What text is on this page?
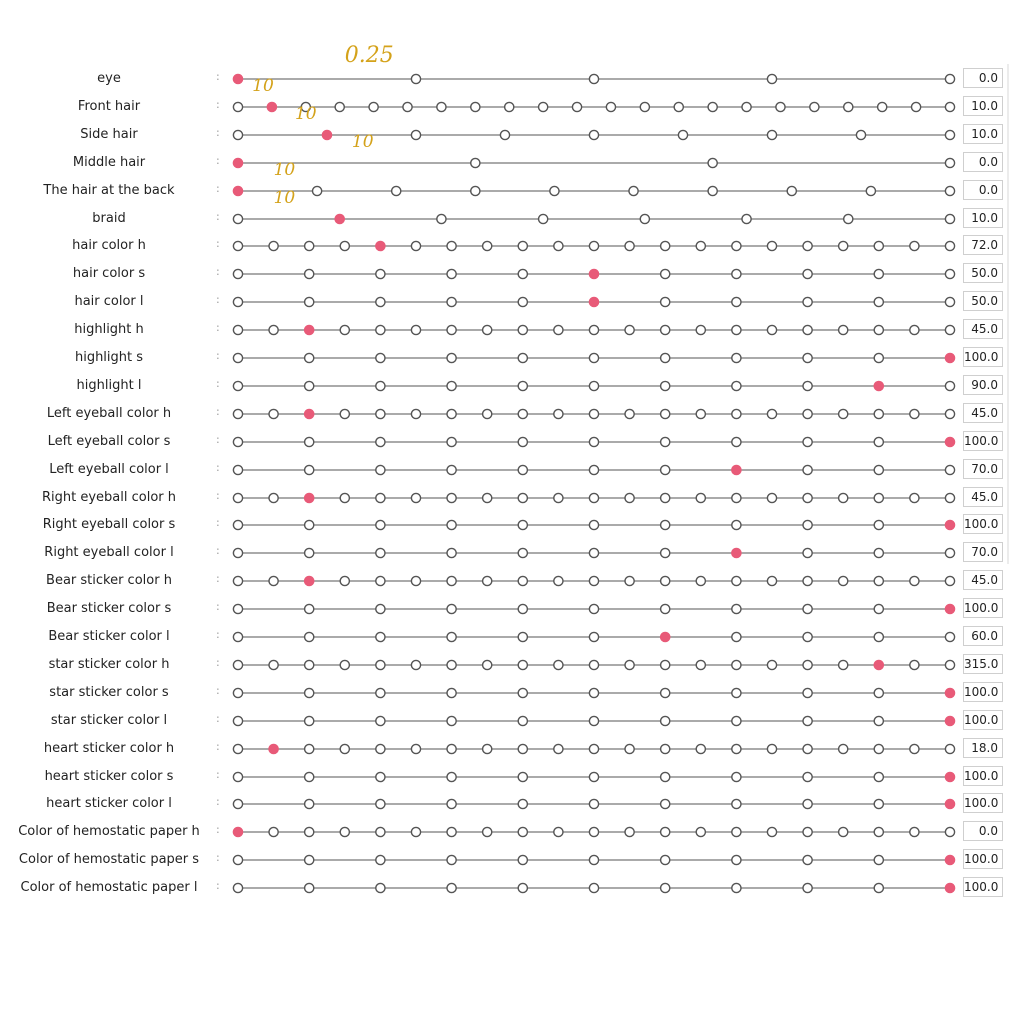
eye	:	0.0
Front hair	:	10.0
Side hair	:	10.0
Middle hair	:	0.0
The hair at the back	:	0.0
braid	:	10.0
hair color h	:	72.0
hair color s	:	50.0
hair color l	:	50.0
highlight h	:	45.0
highlight s	:	100.0
highlight l	:	90.0
Left eyeball color h	:	45.0
Left eyeball color s	:	100.0
Left eyeball color l	:	70.0
Right eyeball color h	:	45.0
Right eyeball color s	:	100.0
Right eyeball color l	:	70.0
Bear sticker color h	:	45.0
Bear sticker color s	:	100.0
Bear sticker color l	:	60.0
star sticker color h	:	315.0
star sticker color s	:	100.0
star sticker color l	:	100.0
heart sticker color h	:	18.0
heart sticker color s	:	100.0
heart sticker color l	:	100.0
Color of hemostatic paper h	:	0.0
Color of hemostatic paper s	:	100.0
Color of hemostatic paper l	:	100.0
0.25
10
10
10
10
10
